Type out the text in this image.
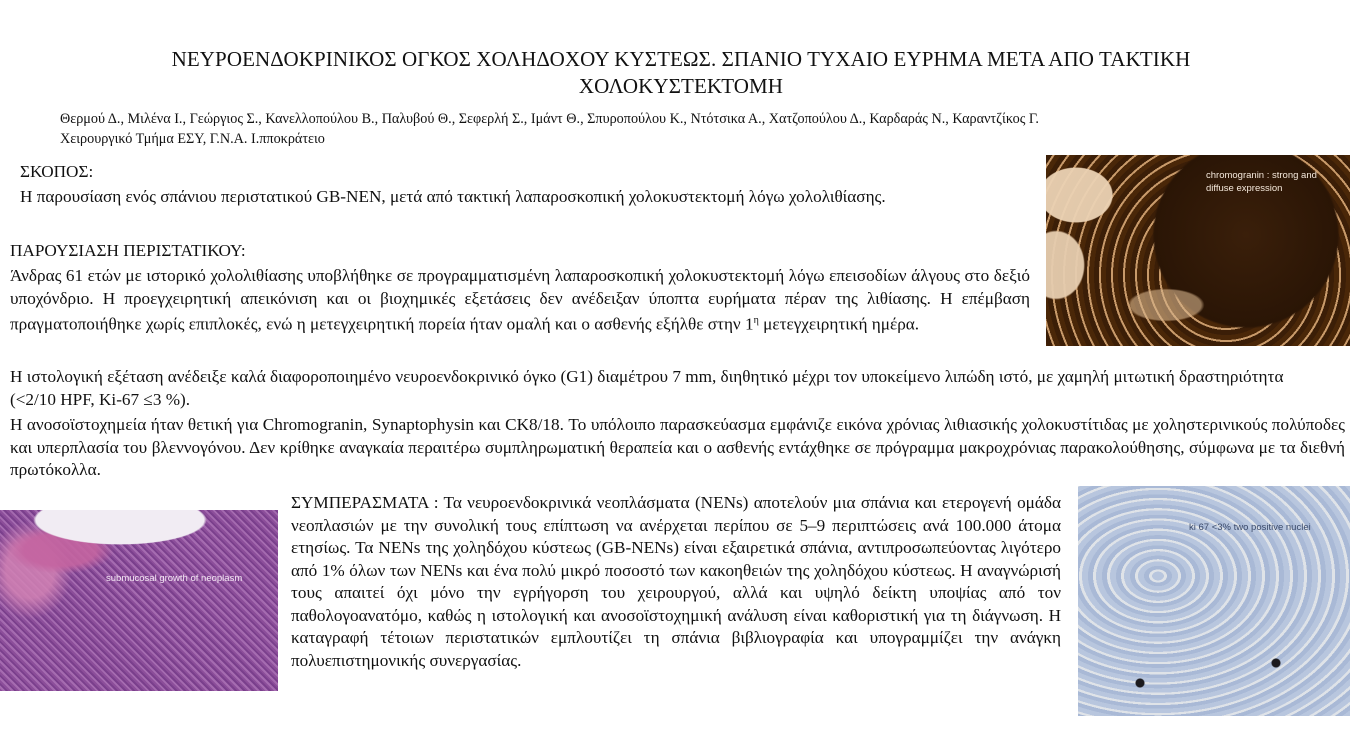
ΝΕΥΡΟΕΝΔΟΚΡΙΝΙΚΟΣ ΟΓΚΟΣ ΧΟΛΗΔΟΧΟΥ ΚΥΣΤΕΩΣ. ΣΠΑΝΙΟ ΤΥΧΑΙΟ ΕΥΡΗΜΑ ΜΕΤΑ ΑΠΟ ΤΑΚΤΙΚΗ
ΧΟΛΟΚΥΣΤΕΚΤΟΜΗ
Θερμού Δ., Μιλένα Ι., Γεώργιος Σ., Κανελλοπούλου Β., Παλυβού Θ., Σεφερλή Σ., Ιμάντ Θ., Σπυροπούλου Κ., Ντότσικα Α., Χατζοπούλου Δ., Καρδαράς Ν., Καραντζίκος Γ.
Χειρουργικό Τμήμα ΕΣΥ, Γ.Ν.Α. Ι.πποκράτειο
chromogranin : strong and diffuse expression
ΣΚΟΠΟΣ:
Η παρουσίαση ενός σπάνιου περιστατικού GB-NEN, μετά από τακτική λαπαροσκοπική χολοκυστεκτομή λόγω χολολιθίασης.
ΠΑΡΟΥΣΙΑΣΗ ΠΕΡΙΣΤΑΤΙΚΟΥ:
Άνδρας 61 ετών με ιστορικό χολολιθίασης υποβλήθηκε σε προγραμματισμένη λαπαροσκοπική χολοκυστεκτομή λόγω επεισοδίων άλγους στο δεξιό υποχόνδριο. Η προεγχειρητική απεικόνιση και οι βιοχημικές εξετάσεις δεν ανέδειξαν ύποπτα ευρήματα πέραν της λιθίασης. Η επέμβαση πραγματοποιήθηκε χωρίς επιπλοκές, ενώ η μετεγχειρητική πορεία ήταν ομαλή και ο ασθενής εξήλθε στην $1^\eta$ μετεγχειρητική ημέρα.
Η ιστολογική εξέταση ανέδειξε καλά διαφοροποιημένο νευροενδοκρινικό όγκο (G1) διαμέτρου 7 mm, διηθητικό μέχρι τον υποκείμενο λιπώδη ιστό, με χαμηλή μιτωτική δραστηριότητα (<2/10 HPF, Ki-67 ≤3 %).
Η ανοσοϊστοχημεία ήταν θετική για Chromogranin, Synaptophysin και CK8/18. Το υπόλοιπο παρασκεύασμα εμφάνιζε εικόνα χρόνιας λιθιασικής χολοκυστίτιδας με χοληστερινικούς πολύποδες και υπερπλασία του βλεννογόνου. Δεν κρίθηκε αναγκαία περαιτέρω συμπληρωματική θεραπεία και ο ασθενής εντάχθηκε σε πρόγραμμα μακροχρόνιας παρακολούθησης, σύμφωνα με τα διεθνή πρωτόκολλα.
submucosal growth of neoplasm
ΣΥΜΠΕΡΑΣΜΑΤΑ : Τα νευροενδοκρινικά νεοπλάσματα (NENs) αποτελούν μια σπάνια και ετερογενή ομάδα νεοπλασιών με την συνολική τους επίπτωση να ανέρχεται περίπου σε 5–9 περιπτώσεις ανά 100.000 άτομα ετησίως. Τα NENs της χοληδόχου κύστεως (GB-NENs) είναι εξαιρετικά σπάνια, αντιπροσωπεύοντας λιγότερο από 1% όλων των NENs και ένα πολύ μικρό ποσοστό των κακοηθειών της χοληδόχου κύστεως. Η αναγνώρισή τους απαιτεί όχι μόνο την εγρήγορση του χειρουργού, αλλά και υψηλό δείκτη υποψίας από τον παθολογοανατόμο, καθώς η ιστολογική και ανοσοϊστοχημική ανάλυση είναι καθοριστική για τη διάγνωση. Η καταγραφή τέτοιων περιστατικών εμπλουτίζει τη σπάνια βιβλιογραφία και υπογραμμίζει την ανάγκη πολυεπιστημονικής συνεργασίας.
ki 67 <3% two positive nuclei
